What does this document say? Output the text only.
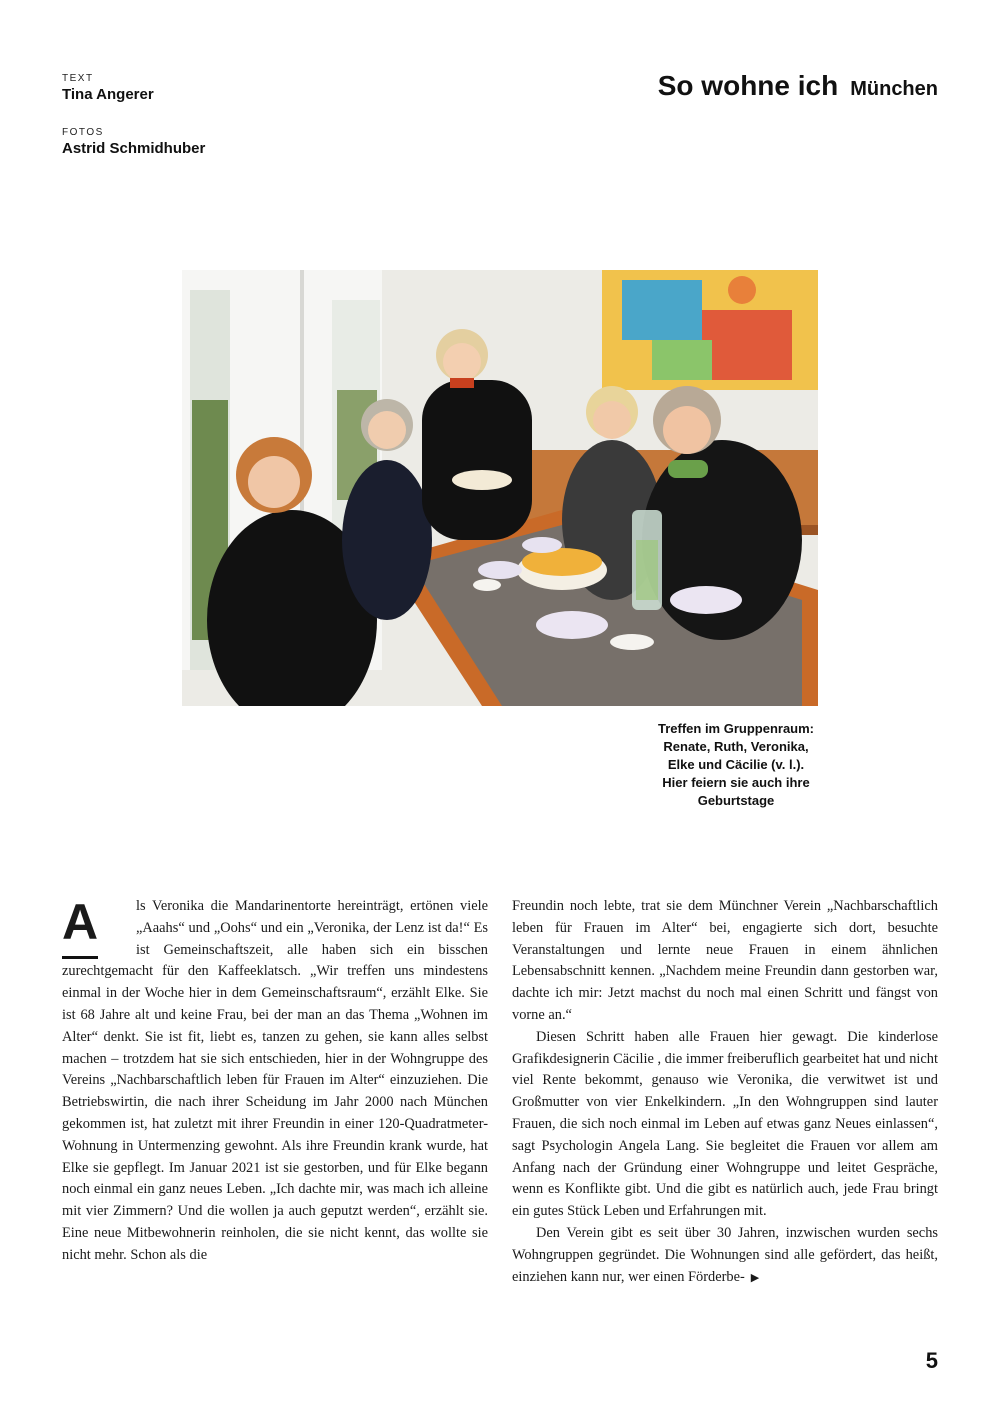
TEXT

Tina Angerer

FOTOS

Astrid Schmidhuber

So wohne ich München
Treffen im Gruppenraum:
Renate, Ruth, Veronika,
Elke und Cäcilie (v. l.).
Hier feiern sie auch ihre
Geburtstage
A	ls Veronika die Mandarinentorte hereinträgt, ertönen viele „Aaahs“ und „Oohs“ und ein „Veronika, der Lenz ist da!“ Es ist Gemeinschaftszeit, alle haben sich ein bisschen zurechtgemacht für den Kaffeeklatsch. „Wir treffen uns mindestens einmal in der Woche hier in dem Gemeinschaftsraum“, erzählt Elke. Sie ist 68 Jahre alt und keine Frau, bei der man an das Thema „Wohnen im Alter“ denkt. Sie ist fit, liebt es, tanzen zu gehen, sie kann alles selbst machen – trotzdem hat sie sich entschieden, hier in der Wohngruppe des Vereins „Nachbarschaftlich leben für Frauen im Alter“ einzuziehen. Die Betriebswirtin, die nach ihrer Scheidung im Jahr 2000 nach München gekommen ist, hat zuletzt mit ihrer Freundin in einer 120-Quadratmeter-Wohnung in Untermenzing gewohnt. Als ihre Freundin krank wurde, hat Elke sie gepflegt. Im Januar 2021 ist sie gestorben, und für Elke begann noch einmal ein ganz neues Leben. „Ich dachte mir, was mach ich alleine mit vier Zimmern? Und die wollen ja auch geputzt werden“, erzählt sie. Eine neue Mitbewohnerin reinholen, die sie nicht kennt, das wollte sie nicht mehr. Schon als die

Freundin noch lebte, trat sie dem Münchner Verein „Nachbarschaftlich leben für Frauen im Alter“ bei, engagierte sich dort, besuchte Veranstaltungen und lernte neue Frauen in einem ähnlichen Lebensabschnitt kennen. „Nachdem meine Freundin dann gestorben war, dachte ich mir: Jetzt machst du noch mal einen Schritt und fängst von vorne an.“

Diesen Schritt haben alle Frauen hier gewagt. Die kinderlose Grafikdesignerin Cäcilie , die immer freiberuflich gearbeitet hat und nicht viel Rente bekommt, genauso wie Veronika, die verwitwet ist und Großmutter von vier Enkelkindern. „In den Wohngruppen sind lauter Frauen, die sich noch einmal im Leben auf etwas ganz Neues einlassen“, sagt Psychologin Angela Lang. Sie begleitet die Frauen vor allem am Anfang nach der Gründung einer Wohngruppe und leitet Gespräche, wenn es Konflikte gibt. Und die gibt es natürlich auch, jede Frau bringt ein gutes Stück Leben und Erfahrungen mit.

Den Verein gibt es seit über 30 Jahren, inzwischen wurden sechs Wohngruppen gegründet. Die Wohnungen sind alle gefördert, das heißt, einziehen kann nur, wer einen Förderbe- ▶

5
